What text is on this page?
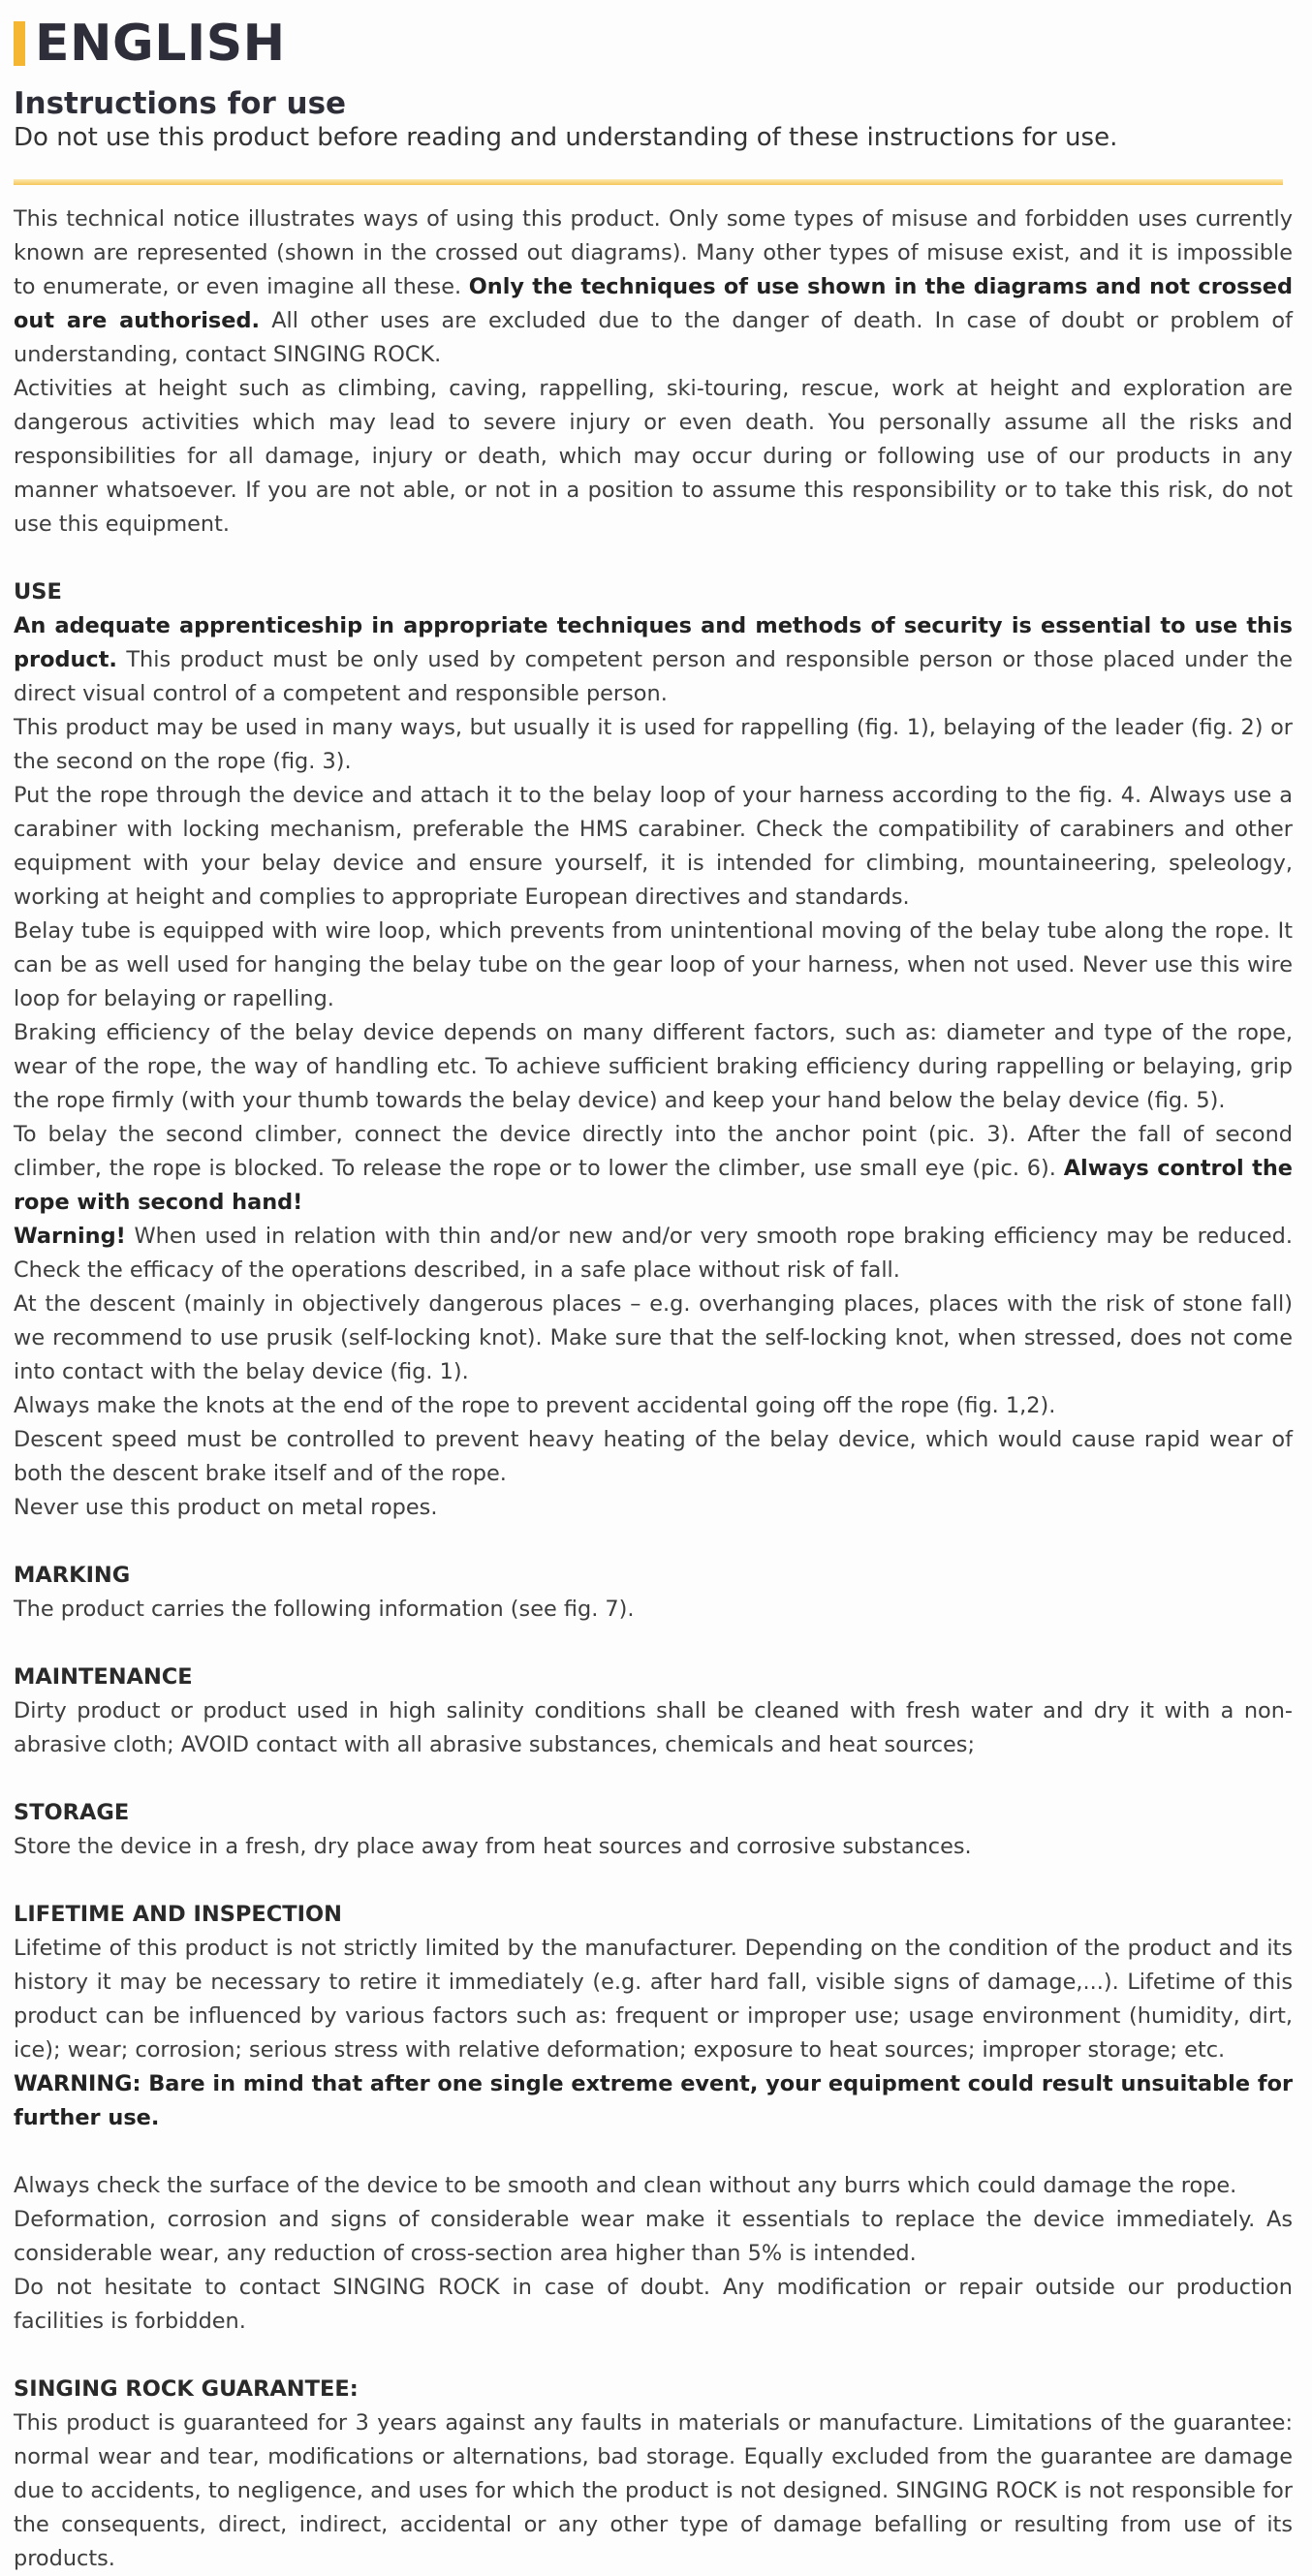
ENGLISH
Instructions for use
Do not use this product before reading and understanding of these instructions for use.

This technical notice illustrates ways of using this product. Only some types of misuse and forbidden uses currently known are represented (shown in the crossed out diagrams). Many other types of misuse exist, and it is impossible to enumerate, or even imagine all these. Only the techniques of use shown in the diagrams and not crossed out are authorised. All other uses are excluded due to the danger of death. In case of doubt or problem of understanding, contact SINGING ROCK.

Activities at height such as climbing, caving, rappelling, ski-touring, rescue, work at height and exploration are dangerous activities which may lead to severe injury or even death. You personally assume all the risks and responsibilities for all damage, injury or death, which may occur during or following use of our products in any manner whatsoever. If you are not able, or not in a position to assume this responsibility or to take this risk, do not use this equipment.

USE

An adequate apprenticeship in appropriate techniques and methods of security is essential to use this product. This product must be only used by competent person and responsible person or those placed under the direct visual control of a competent and responsible person.

This product may be used in many ways, but usually it is used for rappelling (fig. 1), belaying of the leader (fig. 2) or the second on the rope (fig. 3).

Put the rope through the device and attach it to the belay loop of your harness according to the fig. 4. Always use a carabiner with locking mechanism, preferable the HMS carabiner. Check the compatibility of carabiners and other equipment with your belay device and ensure yourself, it is intended for climbing, mountaineering, speleology, working at height and complies to appropriate European directives and standards.

Belay tube is equipped with wire loop, which prevents from unintentional moving of the belay tube along the rope. It can be as well used for hanging the belay tube on the gear loop of your harness, when not used. Never use this wire loop for belaying or rapelling.

Braking efficiency of the belay device depends on many different factors, such as: diameter and type of the rope, wear of the rope, the way of handling etc. To achieve sufficient braking efficiency during rappelling or belaying, grip the rope firmly (with your thumb towards the belay device) and keep your hand below the belay device (fig. 5).

To belay the second climber, connect the device directly into the anchor point (pic. 3). After the fall of second climber, the rope is blocked. To release the rope or to lower the climber, use small eye (pic. 6). Always control the rope with second hand!

Warning! When used in relation with thin and/or new and/or very smooth rope braking efficiency may be reduced. Check the efficacy of the operations described, in a safe place without risk of fall.

At the descent (mainly in objectively dangerous places – e.g. overhanging places, places with the risk of stone fall) we recommend to use prusik (self-locking knot). Make sure that the self-locking knot, when stressed, does not come into contact with the belay device (fig. 1).

Always make the knots at the end of the rope to prevent accidental going off the rope (fig. 1,2).

Descent speed must be controlled to prevent heavy heating of the belay device, which would cause rapid wear of both the descent brake itself and of the rope.

Never use this product on metal ropes.

MARKING

The product carries the following information (see fig. 7).

MAINTENANCE

Dirty product or product used in high salinity conditions shall be cleaned with fresh water and dry it with a non-abrasive cloth; AVOID contact with all abrasive substances, chemicals and heat sources;

STORAGE

Store the device in a fresh, dry place away from heat sources and corrosive substances.

LIFETIME AND INSPECTION

Lifetime of this product is not strictly limited by the manufacturer. Depending on the condition of the product and its history it may be necessary to retire it immediately (e.g. after hard fall, visible signs of damage,...). Lifetime of this product can be influenced by various factors such as: frequent or improper use; usage environment (humidity, dirt, ice); wear; corrosion; serious stress with relative deformation; exposure to heat sources; improper storage; etc.

WARNING: Bare in mind that after one single extreme event, your equipment could result unsuitable for further use.

Always check the surface of the device to be smooth and clean without any burrs which could damage the rope.

Deformation, corrosion and signs of considerable wear make it essentials to replace the device immediately. As considerable wear, any reduction of cross-section area higher than 5% is intended.

Do not hesitate to contact SINGING ROCK in case of doubt. Any modification or repair outside our production facilities is forbidden.

SINGING ROCK GUARANTEE:

This product is guaranteed for 3 years against any faults in materials or manufacture. Limitations of the guarantee: normal wear and tear, modifications or alternations, bad storage. Equally excluded from the guarantee are damage due to accidents, to negligence, and uses for which the product is not designed. SINGING ROCK is not responsible for the consequents, direct, indirect, accidental or any other type of damage befalling or resulting from use of its products.
